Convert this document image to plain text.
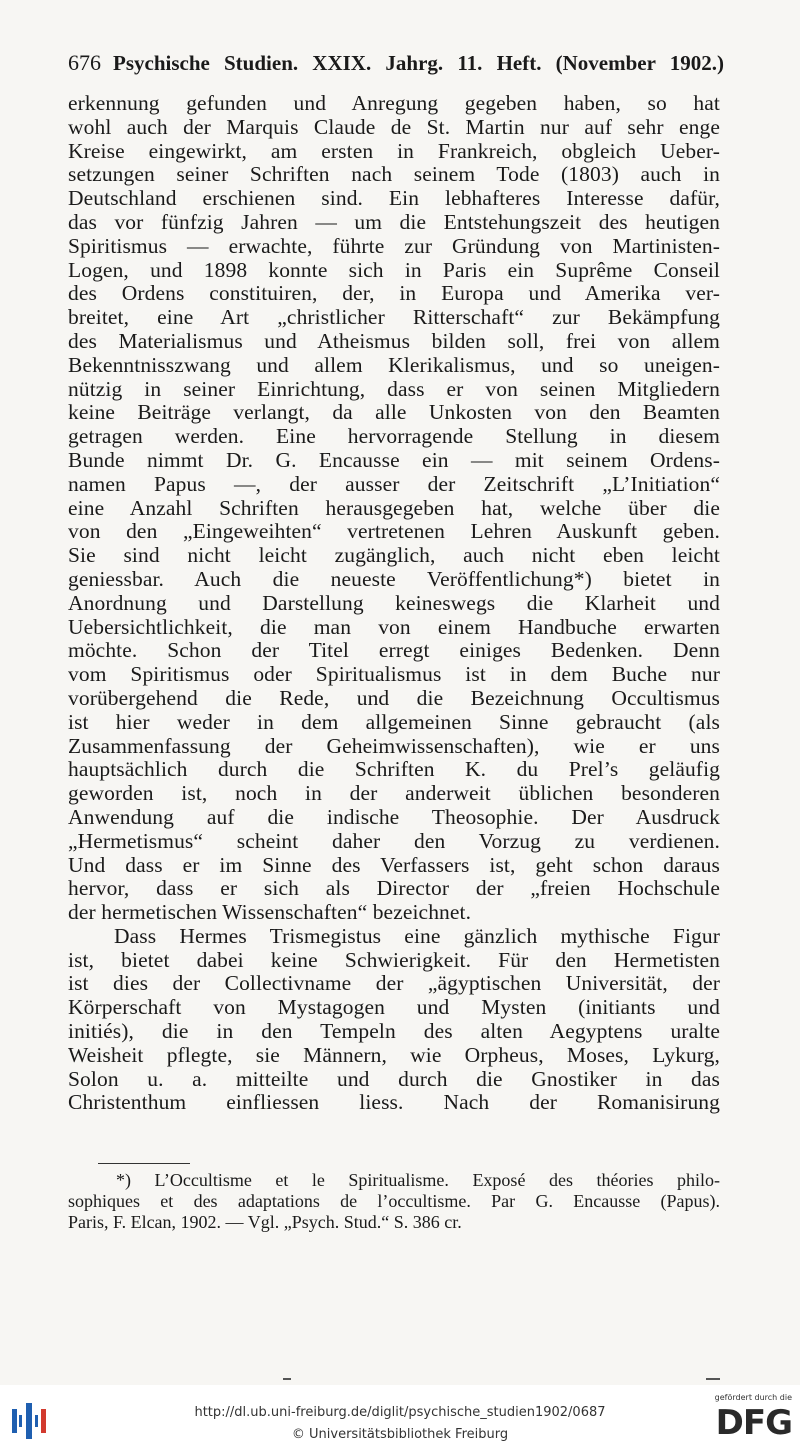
676 Psychische Studien. XXIX. Jahrg. 11. Heft. (November 1902.)
erkennung gefunden und Anregung gegeben haben, so hat
wohl auch der Marquis Claude de St. Martin nur auf sehr enge
Kreise eingewirkt, am ersten in Frankreich, obgleich Ueber-
setzungen seiner Schriften nach seinem Tode (1803) auch in
Deutschland erschienen sind. Ein lebhafteres Interesse dafür,
das vor fünfzig Jahren — um die Entstehungszeit des heutigen
Spiritismus — erwachte, führte zur Gründung von Martinisten-
Logen, und 1898 konnte sich in Paris ein Suprême Conseil
des Ordens constituiren, der, in Europa und Amerika ver-
breitet, eine Art „christlicher Ritterschaft“ zur Bekämpfung
des Materialismus und Atheismus bilden soll, frei von allem
Bekenntnisszwang und allem Klerikalismus, und so uneigen-
nützig in seiner Einrichtung, dass er von seinen Mitgliedern
keine Beiträge verlangt, da alle Unkosten von den Beamten
getragen werden. Eine hervorragende Stellung in diesem
Bunde nimmt Dr. G. Encausse ein — mit seinem Ordens-
namen Papus —, der ausser der Zeitschrift „L’Initiation“
eine Anzahl Schriften herausgegeben hat, welche über die
von den „Eingeweihten“ vertretenen Lehren Auskunft geben.
Sie sind nicht leicht zugänglich, auch nicht eben leicht
geniessbar. Auch die neueste Veröffentlichung*) bietet in
Anordnung und Darstellung keineswegs die Klarheit und
Uebersichtlichkeit, die man von einem Handbuche erwarten
möchte. Schon der Titel erregt einiges Bedenken. Denn
vom Spiritismus oder Spiritualismus ist in dem Buche nur
vorübergehend die Rede, und die Bezeichnung Occultismus
ist hier weder in dem allgemeinen Sinne gebraucht (als
Zusammenfassung der Geheimwissenschaften), wie er uns
hauptsächlich durch die Schriften K. du Prel’s geläufig
geworden ist, noch in der anderweit üblichen besonderen
Anwendung auf die indische Theosophie. Der Ausdruck
„Hermetismus“ scheint daher den Vorzug zu verdienen.
Und dass er im Sinne des Verfassers ist, geht schon daraus
hervor, dass er sich als Director der „freien Hochschule
der hermetischen Wissenschaften“ bezeichnet.
Dass Hermes Trismegistus eine gänzlich mythische Figur
ist, bietet dabei keine Schwierigkeit. Für den Hermetisten
ist dies der Collectivname der „ägyptischen Universität, der
Körperschaft von Mystagogen und Mysten (initiants und
initiés), die in den Tempeln des alten Aegyptens uralte
Weisheit pflegte, sie Männern, wie Orpheus, Moses, Lykurg,
Solon u. a. mitteilte und durch die Gnostiker in das
Christenthum einfliessen liess. Nach der Romanisirung
*) L’Occultisme et le Spiritualisme. Exposé des théories philo-
sophiques et des adaptations de l’occultisme. Par G. Encausse (Papus).
Paris, F. Elcan, 1902. — Vgl. „Psych. Stud.“ S. 386 cr.
http://dl.ub.uni-freiburg.de/diglit/psychische_studien1902/0687
© Universitätsbibliothek Freiburg
gefördert durch die
DFG
